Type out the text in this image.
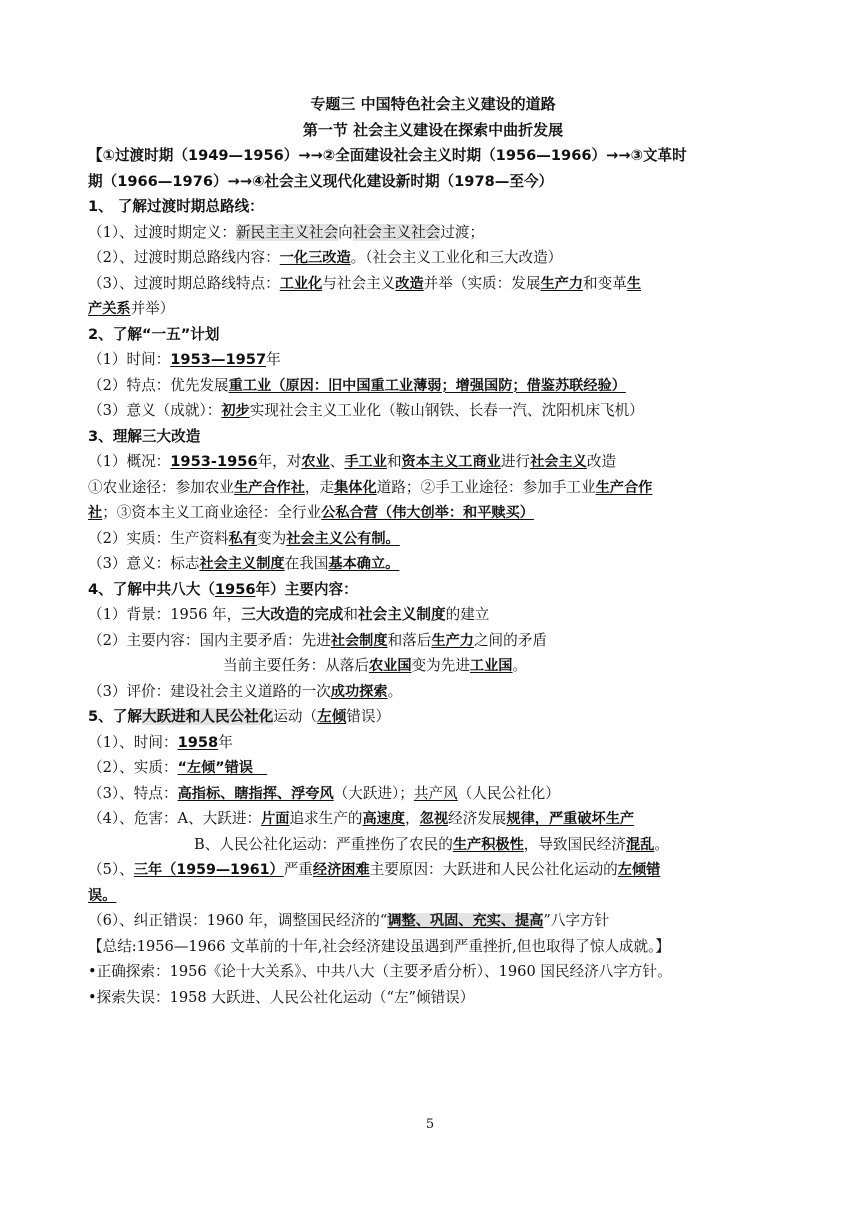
专题三 中国特色社会主义建设的道路
第一节 社会主义建设在探索中曲折发展
【①过渡时期（1949—1956）→→②全面建设社会主义时期（1956—1966）→→③文革时
期（1966—1976）→→④社会主义现代化建设新时期（1978—至今）
1、 了解过渡时期总路线：
（1）、过渡时期定义：新民主主义社会向社会主义社会过渡；
（2）、过渡时期总路线内容：一化三改造。（社会主义工业化和三大改造）
（3）、过渡时期总路线特点：工业化与社会主义改造并举（实质：发展生产力和变革生
产关系并举）
2、了解“一五”计划
（1）时间：1953—1957年
（2）特点：优先发展重工业（原因：旧中国重工业薄弱；增强国防；借鉴苏联经验）
（3）意义（成就）：初步实现社会主义工业化（鞍山钢铁、长春一汽、沈阳机床飞机）
3、理解三大改造
（1）概况：1953-1956年，对农业、手工业和资本主义工商业进行社会主义改造
①农业途径：参加农业生产合作社，走集体化道路；②手工业途径：参加手工业生产合作
社；③资本主义工商业途径：全行业公私合营（伟大创举：和平赎买）
（2）实质：生产资料私有变为社会主义公有制。
（3）意义：标志社会主义制度在我国基本确立。
4、了解中共八大（1956年）主要内容：
（1）背景：1956 年，三大改造的完成和社会主义制度的建立
（2）主要内容：国内主要矛盾：先进社会制度和落后生产力之间的矛盾
当前主要任务：从落后农业国变为先进工业国。
（3）评价：建设社会主义道路的一次成功探索。
5、了解大跃进和人民公社化运动（左倾错误）
（1）、时间：1958年
（2）、实质：“左倾”错误　
（3）、特点：高指标、瞎指挥、浮夸风（大跃进）；共产风（人民公社化）
（4）、危害：A、大跃进：片面追求生产的高速度，忽视经济发展规律，严重破坏生产
B、人民公社化运动：严重挫伤了农民的生产积极性，导致国民经济混乱。
（5）、三年（1959—1961）严重经济困难主要原因：大跃进和人民公社化运动的左倾错
误。
（6）、纠正错误：1960 年，调整国民经济的“调整、巩固、充实、提高”八字方针
【总结:1956—1966 文革前的十年,社会经济建设虽遇到严重挫折,但也取得了惊人成就。】
•正确探索：1956《论十大关系》、中共八大（主要矛盾分析）、1960 国民经济八字方针。
•探索失误：1958 大跃进、人民公社化运动（“左”倾错误）
5
